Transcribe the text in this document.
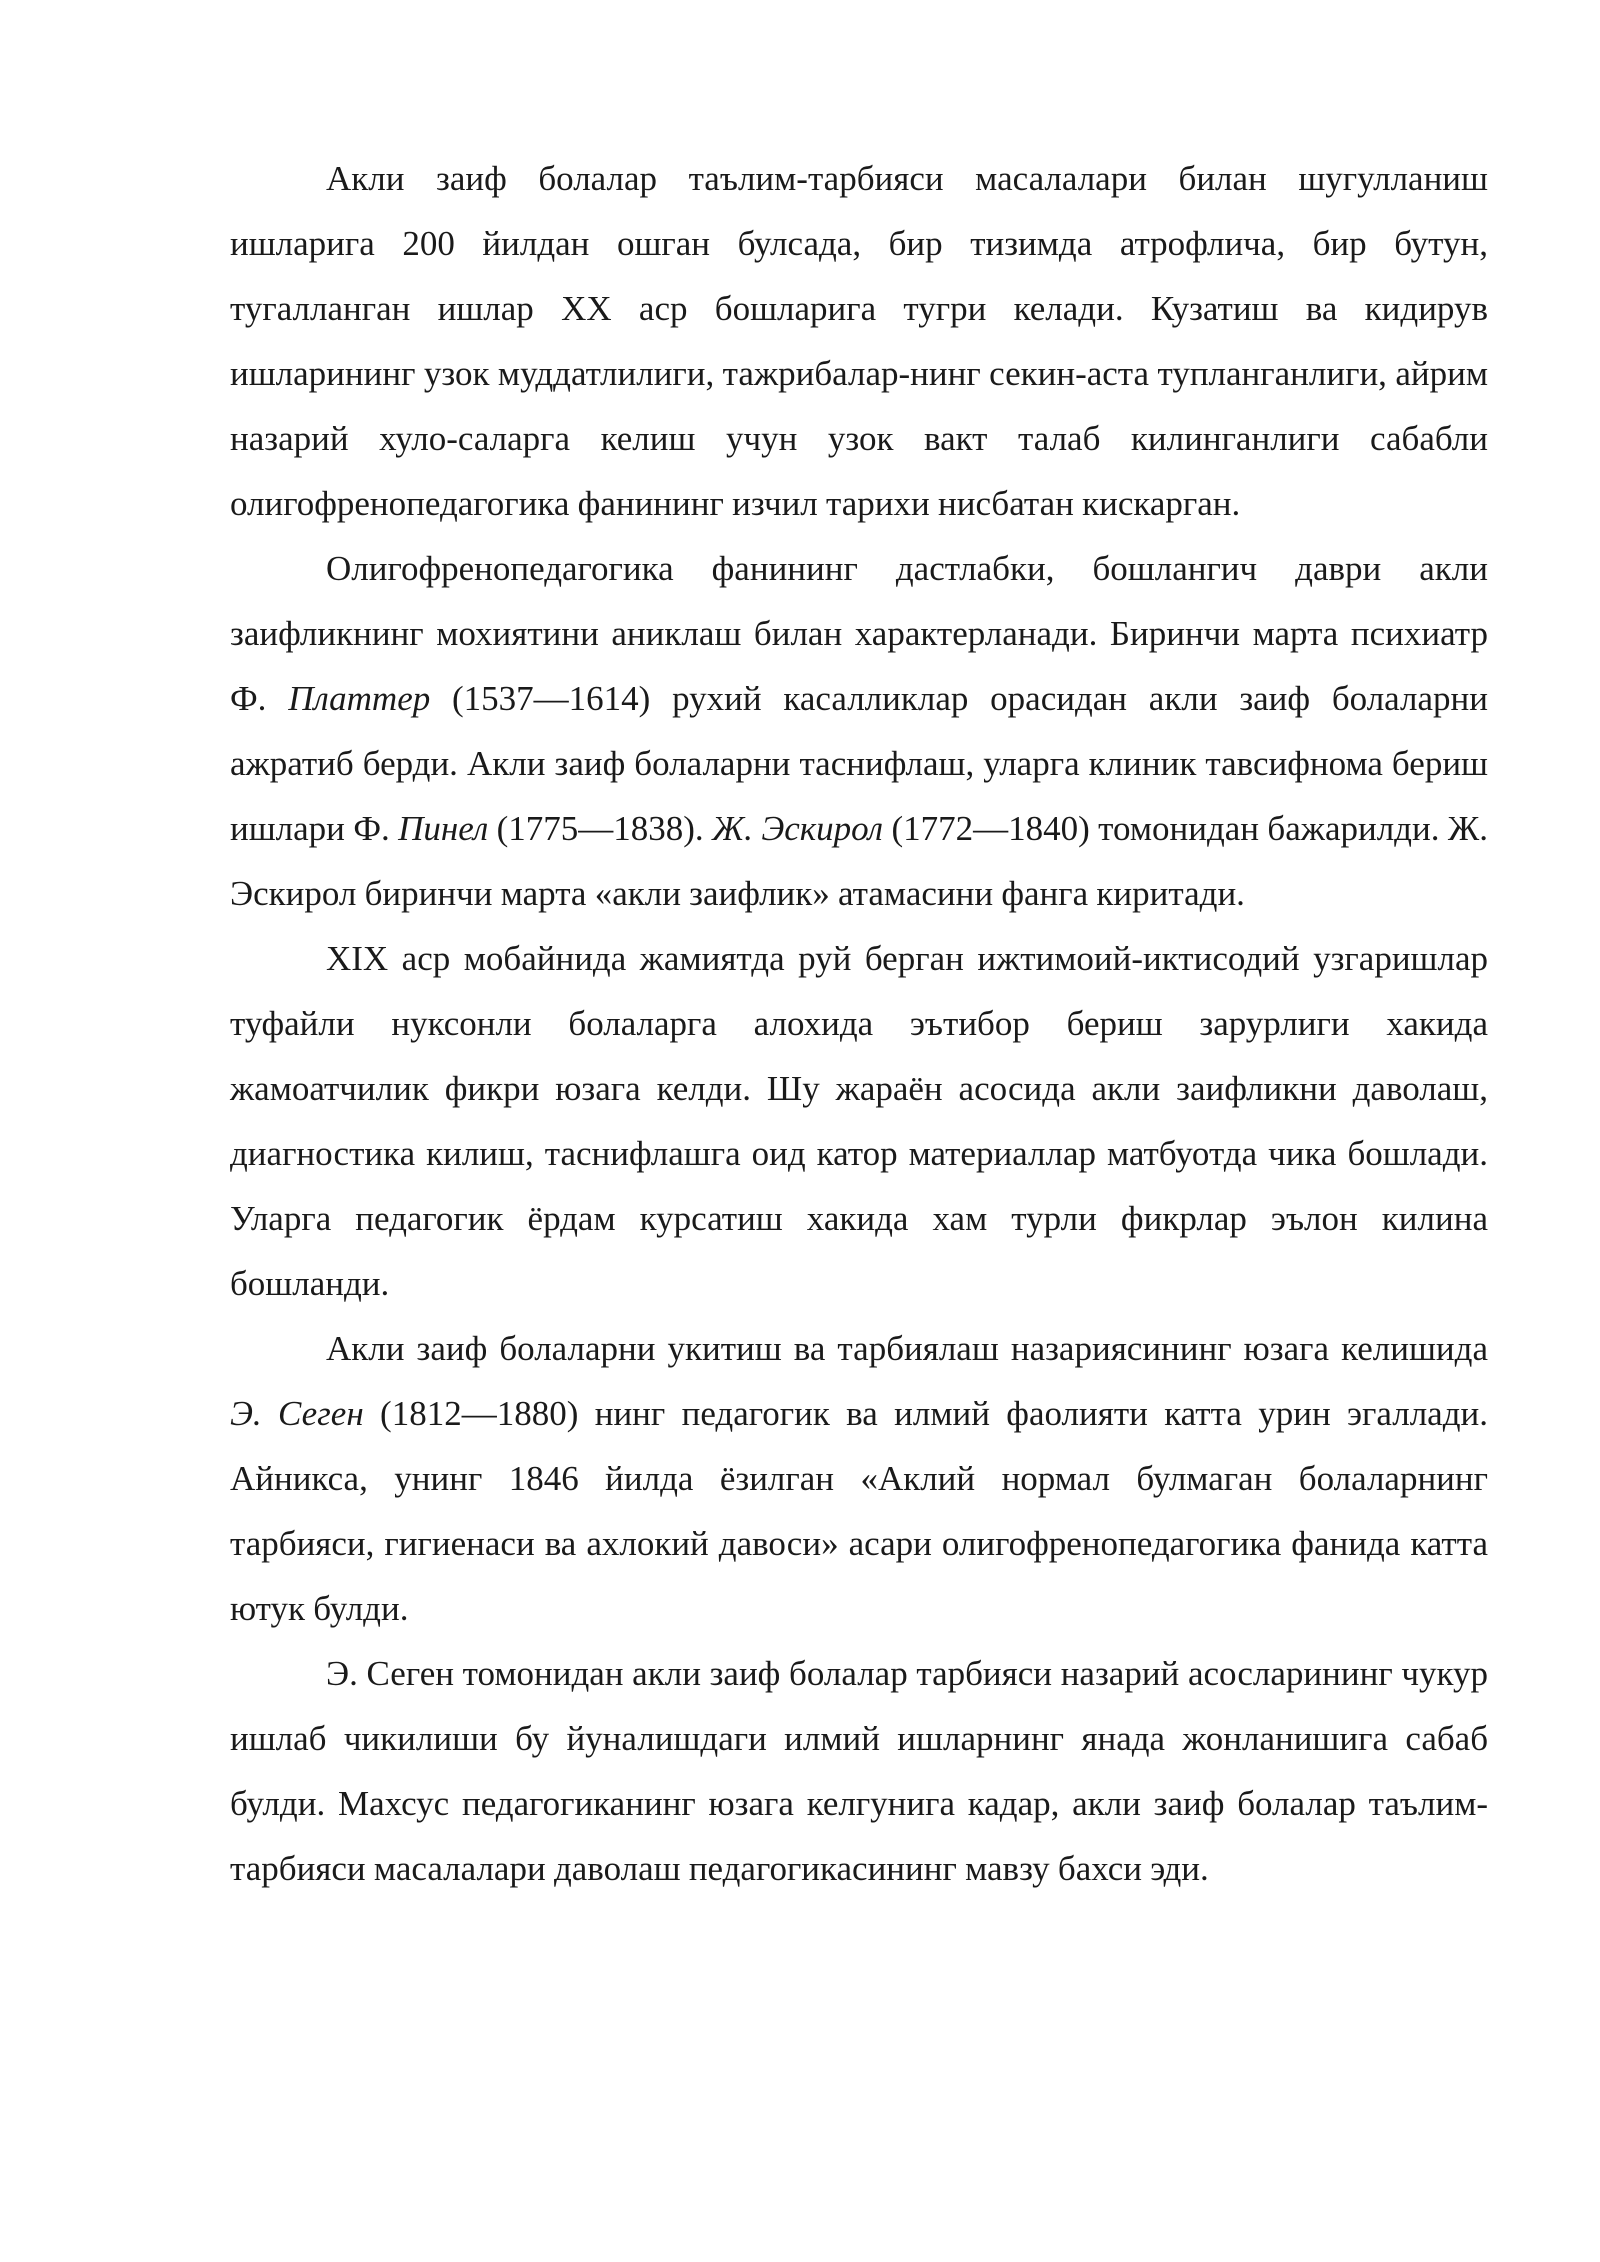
Акли заиф болалар таълим-тарбияси масалалари билан шугулланиш ишларига 200 йилдан ошган булсада, бир тизимда атрофлича, бир бутун, тугалланган ишлар XX аср бошларига тугри келади. Кузатиш ва кидирув ишларининг узок муддатлилиги, тажрибалар-нинг секин-аста тупланганлиги, айрим назарий хуло-саларга келиш учун узок вакт талаб килинганлиги сабабли олигофренопедагогика фанининг изчил тарихи нисбатан кискарган.

Олигофренопедагогика фанининг дастлабки, бошлангич даври акли заифликнинг мохиятини аниклаш билан характерланади. Биринчи марта психиатр Ф. Платтер (1537—1614) рухий касалликлар орасидан акли заиф болаларни ажратиб берди. Акли заиф болаларни таснифлаш, уларга клиник тавсифнома бериш ишлари Ф. Пинел (1775—1838). Ж. Эскирол (1772—1840) томонидан бажарилди. Ж. Эскирол биринчи марта «акли заифлик» атамасини фанга киритади.

XIX аср мобайнида жамиятда руй берган ижтимоий-иктисодий узгаришлар туфайли нуксонли болаларга алохида эътибор бериш зарурлиги хакида жамоатчилик фикри юзага келди. Шу жараён асосида акли заифликни даволаш, диагностика килиш, таснифлашга оид катор материаллар матбуотда чика бошлади. Уларга педагогик ёрдам курсатиш хакида хам турли фикрлар эълон килина бошланди.

Акли заиф болаларни укитиш ва тарбиялаш назариясининг юзага келишида Э. Сеген (1812—1880) нинг педагогик ва илмий фаолияти катта урин эгаллади. Айникса, унинг 1846 йилда ёзилган «Аклий нормал булмаган болаларнинг тарбияси, гигиенаси ва ахлокий давоси» асари олигофренопедагогика фанида катта ютук булди.

Э. Сеген томонидан акли заиф болалар тарбияси назарий асосларининг чукур ишлаб чикилиши бу йуналишдаги илмий ишларнинг янада жонланишига сабаб булди. Махсус педагогиканинг юзага келгунига кадар, акли заиф болалар таълим-тарбияси масалалари даволаш педагогикасининг мавзу бахси эди.
